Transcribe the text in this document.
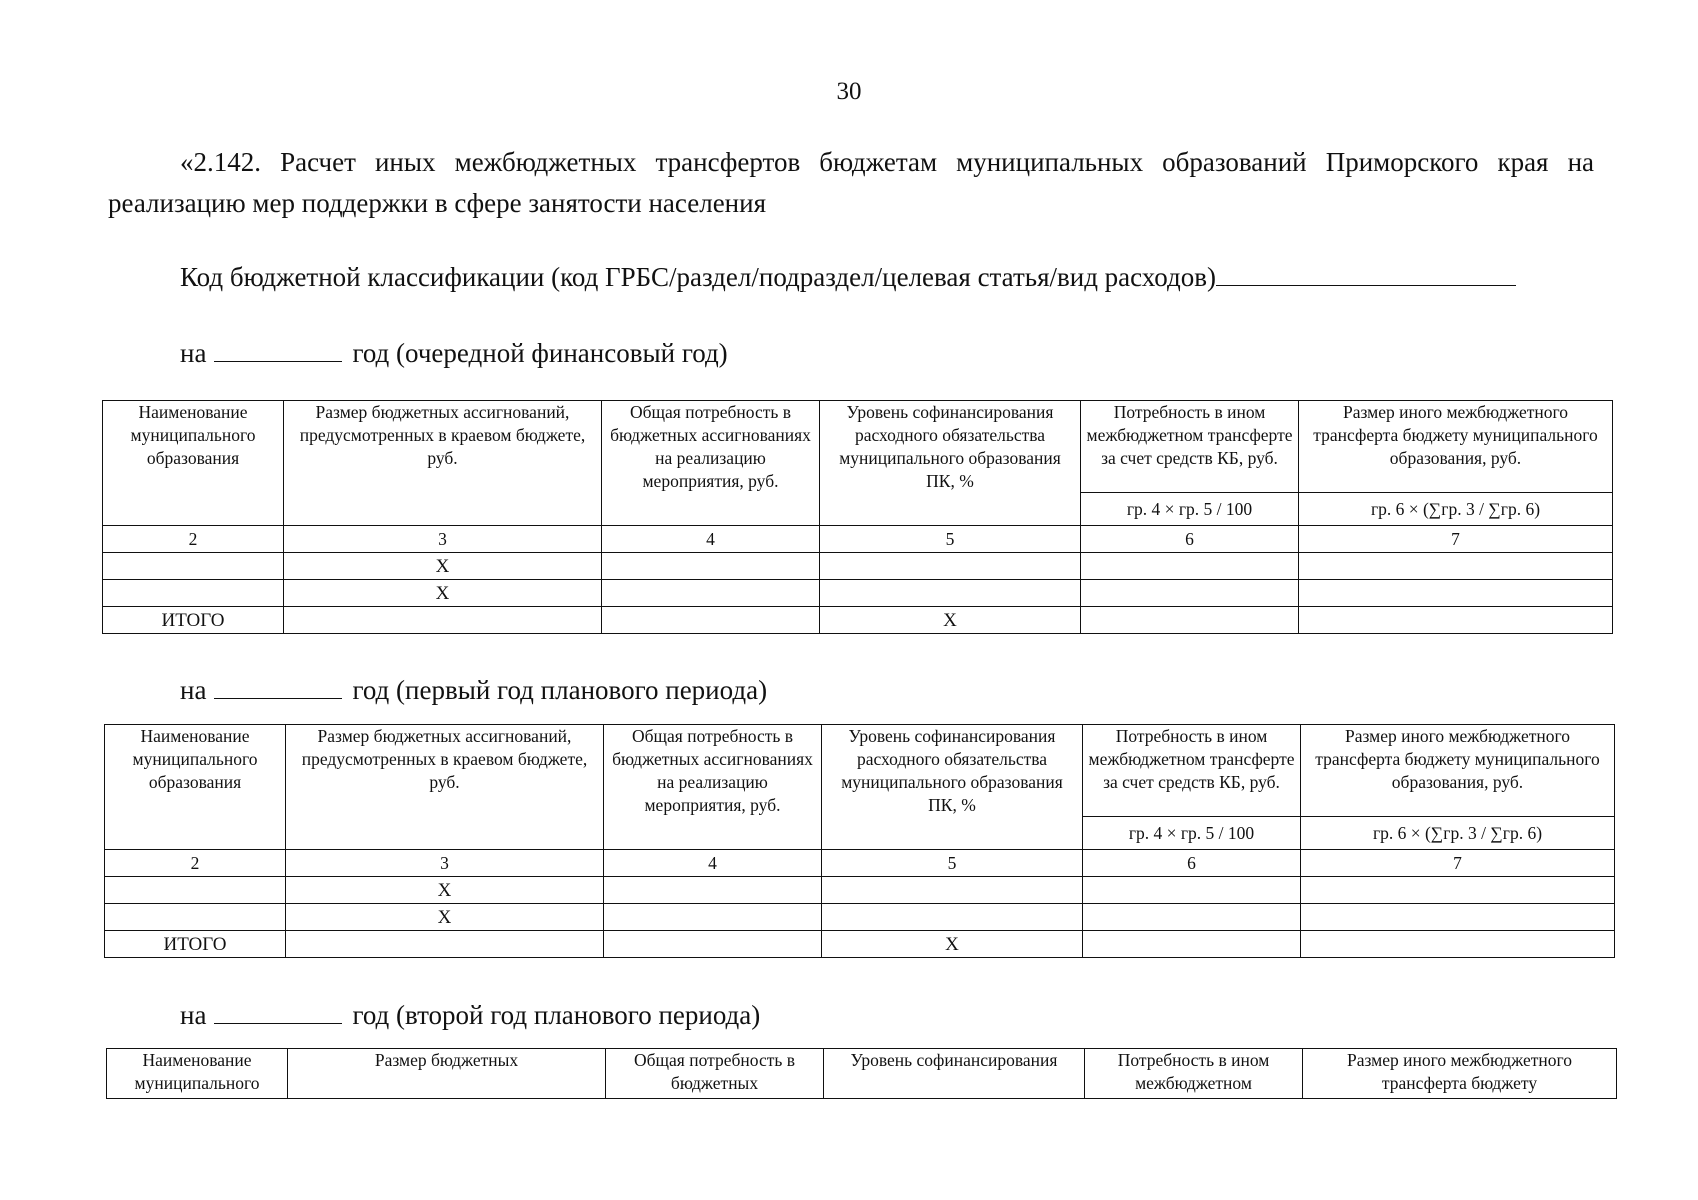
30
«2.142. Расчет иных межбюджетных трансфертов бюджетам муниципальных образований Приморского края на реализацию мер поддержки в сфере занятости населения
Код бюджетной классификации (код ГРБС/раздел/подраздел/целевая статья/вид расходов)
на	год (очередной финансовый год)
Наименование муниципального образования	Размер бюджетных ассигнований, предусмотренных в краевом бюджете, руб.	Общая потребность в бюджетных ассигнованиях на реализацию мероприятия, руб.	Уровень софинансирования расходного обязательства муниципального образования ПК, %	Потребность в ином межбюджетном трансферте за счет средств КБ, руб.	Размер иного межбюджетного трансферта бюджету муниципального образования, руб.
				гр. 4 × гр. 5 / 100	гр. 6 × (∑гр. 3 / ∑гр. 6)
2	3	4	5	6	7
	Х				
	Х				
ИТОГО			Х		
на	год (первый год планового периода)
Наименование муниципального образования	Размер бюджетных ассигнований, предусмотренных в краевом бюджете, руб.	Общая потребность в бюджетных ассигнованиях на реализацию мероприятия, руб.	Уровень софинансирования расходного обязательства муниципального образования ПК, %	Потребность в ином межбюджетном трансферте за счет средств КБ, руб.	Размер иного межбюджетного трансферта бюджету муниципального образования, руб.
				гр. 4 × гр. 5 / 100	гр. 6 × (∑гр. 3 / ∑гр. 6)
2	3	4	5	6	7
	Х				
	Х				
ИТОГО			Х		
на	год (второй год планового периода)
Наименование муниципального	Размер бюджетных	Общая потребность в бюджетных	Уровень софинансирования	Потребность в ином межбюджетном	Размер иного межбюджетного трансферта бюджету
